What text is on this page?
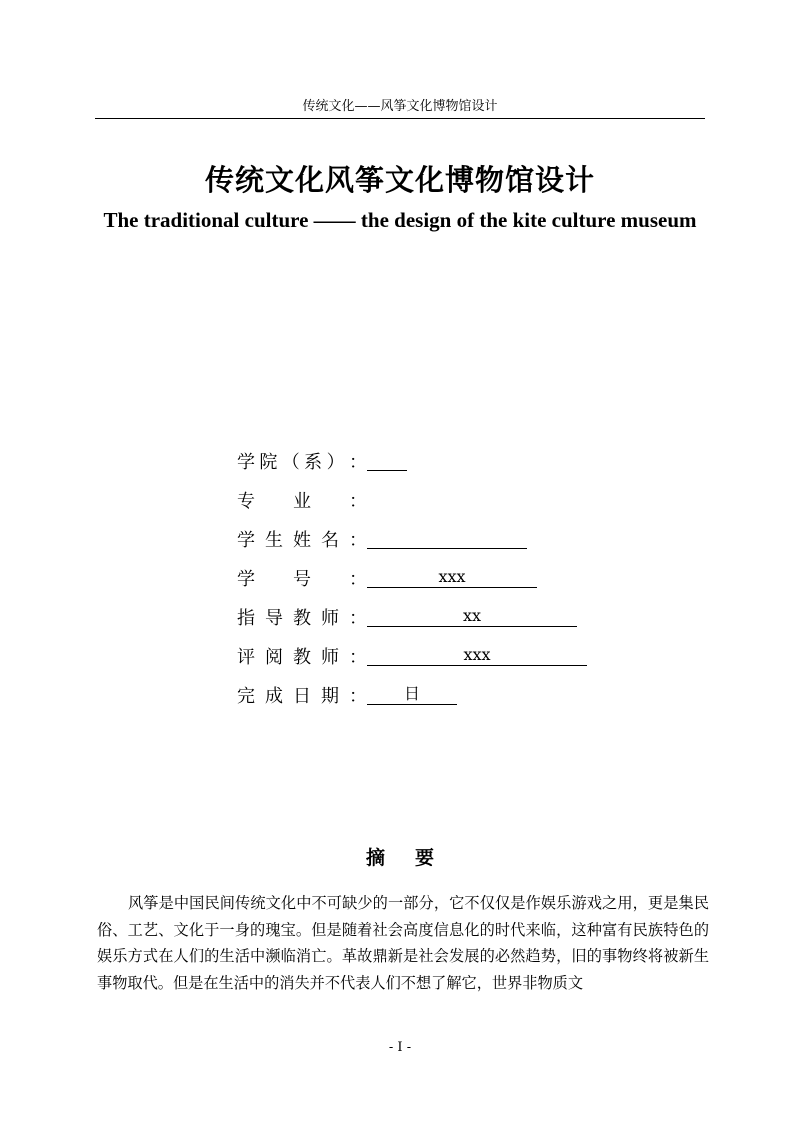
传统文化——风筝文化博物馆设计
传统文化风筝文化博物馆设计
The traditional culture —— the design of the kite culture museum
学 院 （ 系 ） ：
专 业 ：
学 生 姓 名 ：
学 号 ：	xxx
指 导 教 师 ：	xx
评 阅 教 师 ：	xxx
完 成 日 期 ：	日
摘要
风筝是中国民间传统文化中不可缺少的一部分，它不仅仅是作娱乐游戏之用，更是集民俗、工艺、文化于一身的瑰宝。但是随着社会高度信息化的时代来临，这种富有民族特色的娱乐方式在人们的生活中濒临消亡。革故鼎新是社会发展的必然趋势，旧的事物终将被新生事物取代。但是在生活中的消失并不代表人们不想了解它，世界非物质文
- I -
